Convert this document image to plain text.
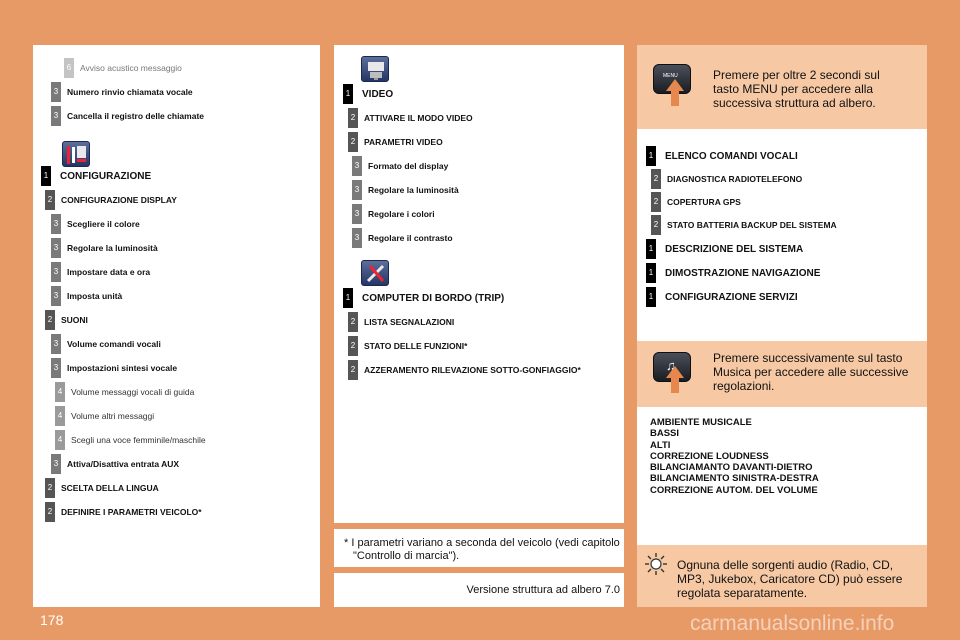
6	Avviso acustico messaggio
3	Numero rinvio chiamata vocale
3	Cancella il registro delle chiamate
1 CONFIGURAZIONE
2	CONFIGURAZIONE DISPLAY
3	Scegliere il colore
3	Regolare la luminosità
3	Impostare data e ora
3	Imposta unità
2	SUONI
3	Volume comandi vocali
3	Impostazioni sintesi vocale
4	Volume messaggi vocali di guida
4	Volume altri messaggi
4	Scegli una voce femminile/maschile
3	Attiva/Disattiva entrata AUX
2	SCELTA DELLA LINGUA
2	DEFINIRE I PARAMETRI VEICOLO*
1 VIDEO
2	ATTIVARE IL MODO VIDEO
2	PARAMETRI VIDEO
3	Formato del display
3	Regolare la luminosità
3	Regolare i colori
3	Regolare il contrasto
1 COMPUTER DI BORDO (TRIP)
2	LISTA SEGNALAZIONI
2	STATO DELLE FUNZIONI*
2	AZZERAMENTO RILEVAZIONE SOTTO-GONFIAGGIO*
* I parametri variano a seconda del veicolo (vedi capitolo
"Controllo di marcia").
Versione struttura ad albero 7.0
MENU	Premere per oltre 2 secondi sul
tasto MENU per accedere alla
successiva struttura ad albero.
1 ELENCO COMANDI VOCALI
2	DIAGNOSTICA RADIOTELEFONO
2	COPERTURA GPS
2	STATO BATTERIA BACKUP DEL SISTEMA
1 DESCRIZIONE DEL SISTEMA
1 DIMOSTRAZIONE NAVIGAZIONE
1 CONFIGURAZIONE SERVIZI
♫	Premere successivamente sul tasto
Musica per accedere alle successive
regolazioni.
AMBIENTE MUSICALE
BASSI
ALTI
CORREZIONE LOUDNESS
BILANCIAMANTO DAVANTI-DIETRO
BILANCIAMENTO SINISTRA-DESTRA
CORREZIONE AUTOM. DEL VOLUME
Ognuna delle sorgenti audio (Radio, CD,
MP3, Jukebox, Caricatore CD) può essere
regolata separatamente.
178	carmanualsonline.info
